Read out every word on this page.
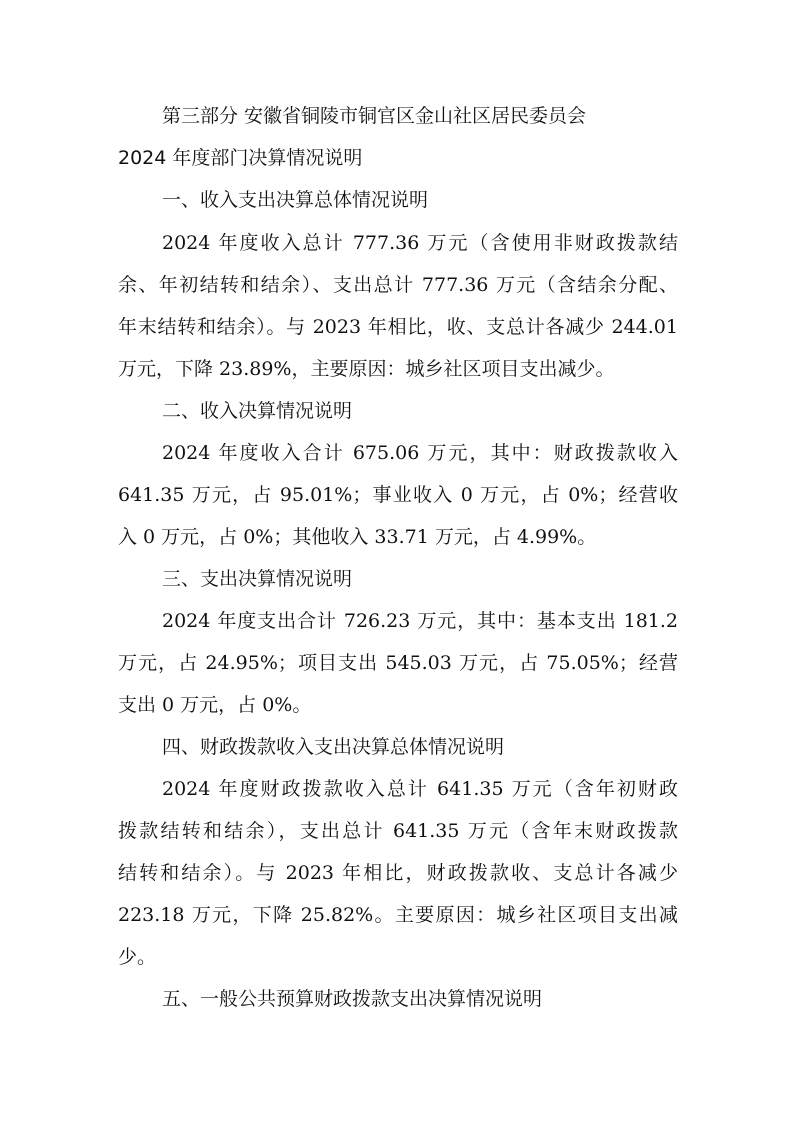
第三部分 安徽省铜陵市铜官区金山社区居民委员会
2024 年度部门决算情况说明
一、收入支出决算总体情况说明
2024 年度收入总计 777.36 万元（含使用非财政拨款结
余、年初结转和结余）、支出总计 777.36 万元（含结余分配、
年末结转和结余）。与 2023 年相比，收、支总计各减少 244.01
万元，下降 23.89%，主要原因：城乡社区项目支出减少。
二、收入决算情况说明
2024 年度收入合计 675.06 万元，其中：财政拨款收入
641.35 万元，占 95.01%；事业收入 0 万元，占 0%；经营收
入 0 万元，占 0%；其他收入 33.71 万元，占 4.99%。
三、支出决算情况说明
2024 年度支出合计 726.23 万元，其中：基本支出 181.2
万元，占 24.95%；项目支出 545.03 万元，占 75.05%；经营
支出 0 万元，占 0%。
四、财政拨款收入支出决算总体情况说明
2024 年度财政拨款收入总计 641.35 万元（含年初财政
拨款结转和结余），支出总计 641.35 万元（含年末财政拨款
结转和结余）。与 2023 年相比，财政拨款收、支总计各减少
223.18 万元，下降 25.82%。主要原因：城乡社区项目支出减
少。
五、一般公共预算财政拨款支出决算情况说明
